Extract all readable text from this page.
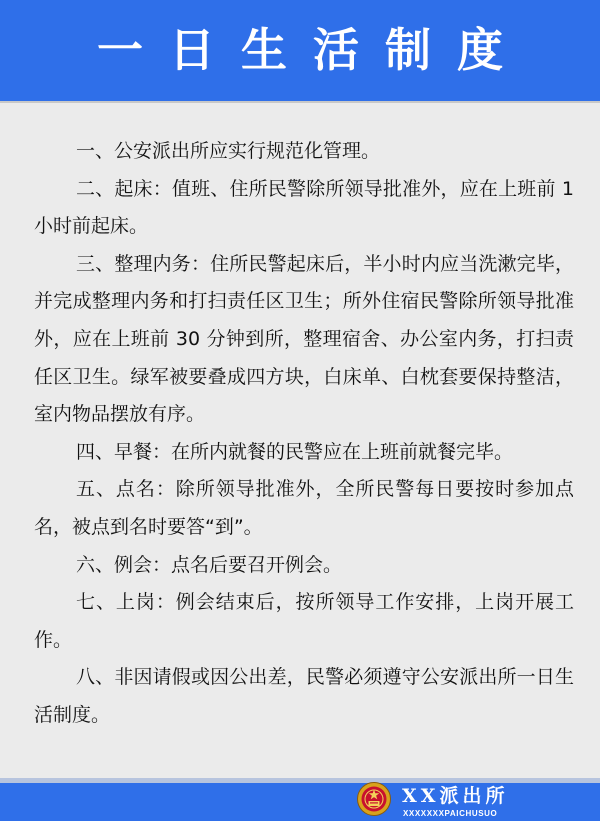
一日生活制度

一、公安派出所应实行规范化管理。

二、起床：值班、住所民警除所领导批准外，应在上班前 1 小时前起床。

三、整理内务：住所民警起床后，半小时内应当洗漱完毕，并完成整理内务和打扫责任区卫生；所外住宿民警除所领导批准外，应在上班前 30 分钟到所，整理宿舍、办公室内务，打扫责任区卫生。绿军被要叠成四方块，白床单、白枕套要保持整洁，室内物品摆放有序。

四、早餐：在所内就餐的民警应在上班前就餐完毕。

五、点名：除所领导批准外，全所民警每日要按时参加点名，被点到名时要答“到”。

六、例会：点名后要召开例会。

七、上岗：例会结束后，按所领导工作安排，上岗开展工作。

八、非因请假或因公出差，民警必须遵守公安派出所一日生活制度。

XX派出所
XXXXXXXPAICHUSUO
